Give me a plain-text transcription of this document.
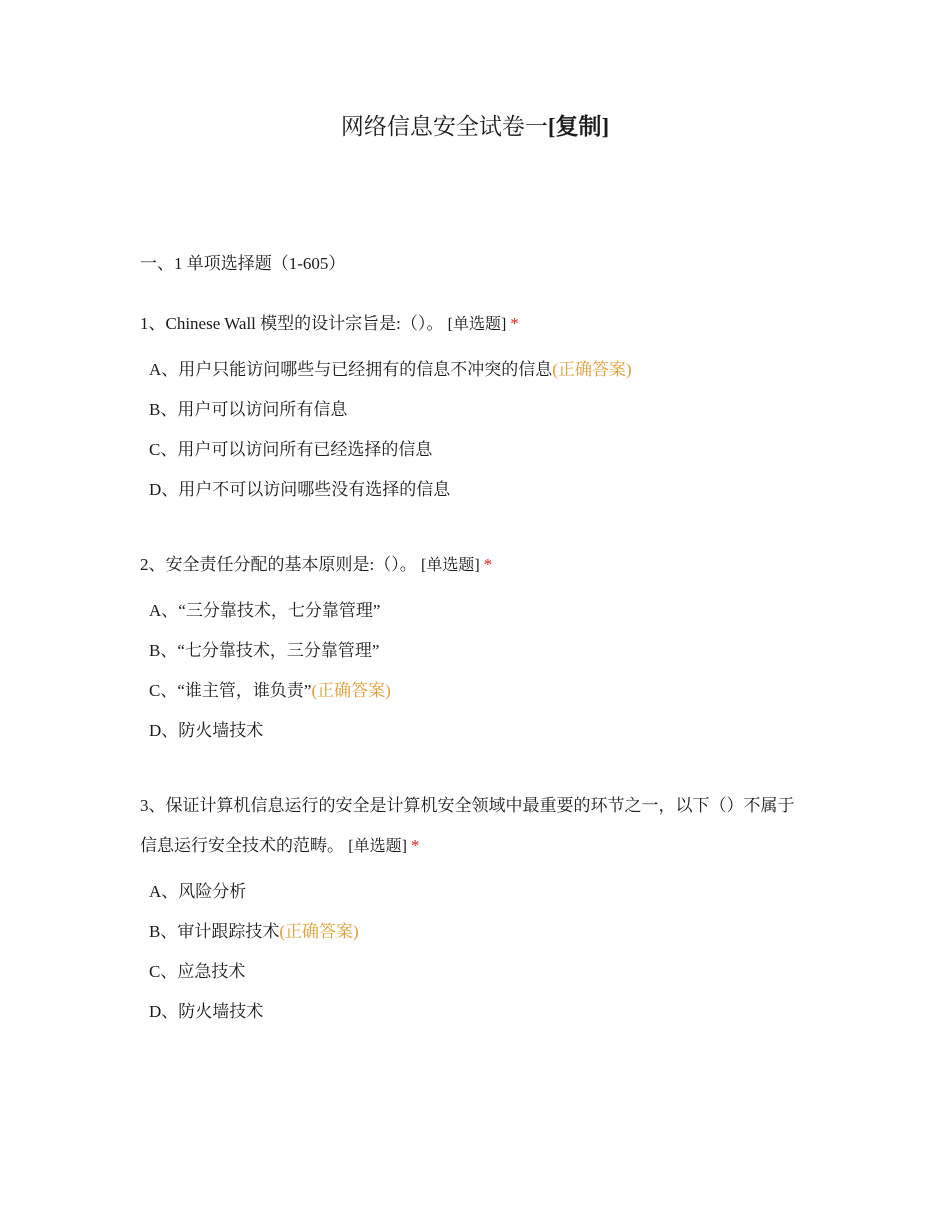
网络信息安全试卷一[复制]
一、1 单项选择题（1-605）

1、Chinese Wall 模型的设计宗旨是:（）。 [单选题] *

A、用户只能访问哪些与已经拥有的信息不冲突的信息(正确答案)
B、用户可以访问所有信息
C、用户可以访问所有已经选择的信息
D、用户不可以访问哪些没有选择的信息

2、安全责任分配的基本原则是:（）。 [单选题] *

A、“三分靠技术，七分靠管理”
B、“七分靠技术，三分靠管理”
C、“谁主管，谁负责”(正确答案)
D、防火墙技术

3、保证计算机信息运行的安全是计算机安全领域中最重要的环节之一，以下（）不属于信息运行安全技术的范畴。 [单选题] *

A、风险分析
B、审计跟踪技术(正确答案)
C、应急技术
D、防火墙技术
